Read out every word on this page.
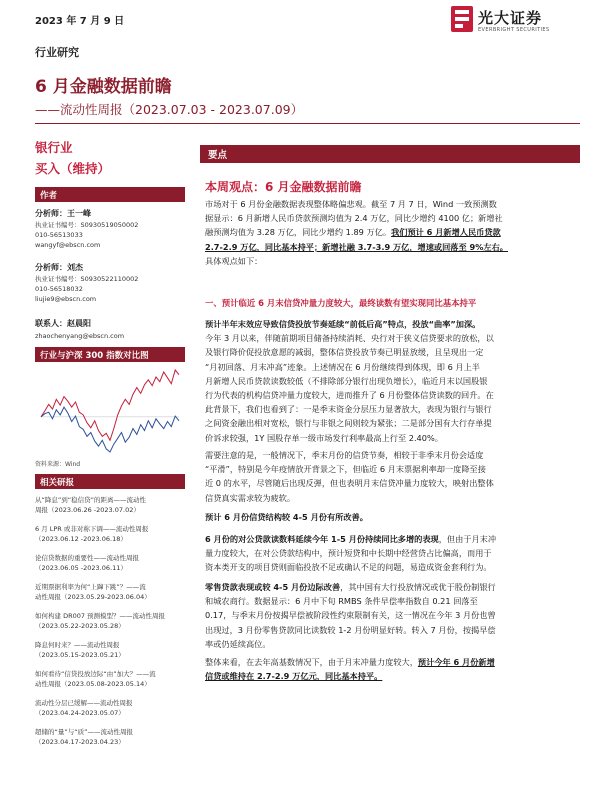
2023 年 7 月 9 日	光大证券
EVERBRIGHT SECURITIES
行业研究
6 月金融数据前瞻
——流动性周报（2023.07.03 - 2023.07.09）
银行业
买入（维持）
作者
分析师：王一峰
执业证书编号：S0930519050002
010-56513033
wangyf@ebscn.com
分析师：刘杰
执业证书编号：S0930522110002
010-56518032
liujie9@ebscn.com
联系人：赵晨阳
zhaochenyang@ebscn.com
行业与沪深 300 指数对比图
资料来源：Wind
相关研报
从“降息”到“稳信贷”的距离——流动性
周报（2023.06.26 -2023.07.02）
6 月 LPR 或非对称下调——流动性周报
（2023.06.12 -2023.06.18）
论信贷数据的重要性——流动性周报
（2023.06.05 -2023.06.11）
近期票据利率为何“上蹿下跳”？——流
动性周报（2023.05.29-2023.06.04）
如何构建 DR007 预测模型？——流动性周报
（2023.05.22-2023.05.28）
降息何时来？——流动性周报
（2023.05.15-2023.05.21）
如何看待“信贷投放边际“由”加大？——流
动性周报（2023.05.08-2023.05.14）
流动性分层已缓解——流动性周报
（2023.04.24-2023.05.07）
超储的“量”与“质”——流动性周报
（2023.04.17-2023.04.23）
要点
本周观点：6 月金融数据前瞻
市场对于 6 月份金融数据表现整体略偏悲观。截至 7 月 7 日，Wind 一致预测数
据显示：6 月新增人民币贷款预测均值为 2.4 万亿，同比少增约 4100 亿；新增社
融预测均值为 3.28 万亿，同比少增约 1.89 万亿。我们预计 6 月新增人民币贷款
2.7-2.9 万亿，同比基本持平；新增社融 3.7-3.9 万亿，增速或回落至 9%左右。
具体观点如下：
一、预计临近 6 月末信贷冲量力度较大，最终读数有望实现同比基本持平
预计半年末效应导致信贷投放节奏延续“前低后高”特点，投放“曲率”加深。
今年 3 月以来，伴随前期项目储备持续消耗、央行对于狭义信贷要求的放松，以
及银行降价促投放意愿的减弱，整体信贷投放节奏已明显放缓，且呈现出一定
“月初回落、月末冲高”迹象。上述情况在 6 月份继续得到体现，即 6 月上半
月新增人民币贷款读数较低（不排除部分银行出现负增长），临近月末以国股银
行为代表的机构信贷冲量力度较大，进而推升了 6 月份整体信贷读数的回升。在
此背景下，我们也看到了：一是季末资金分层压力显著放大，表现为银行与银行
之间资金融出相对宽松，银行与非银之间则较为紧张；二是部分国有大行存单提
价诉求较强，1Y 国股存单一级市场发行利率最高上行至 2.40%。
需要注意的是，一般情况下，季末月份的信贷节奏，相较于非季末月份会适度
“平滑”，特别是今年疫情放开背景之下，但临近 6 月末票据利率却一度降至接
近 0 的水平，尽管随后出现反弹，但也表明月末信贷冲量力度较大，映射出整体
信贷真实需求较为疲软。
预计 6 月份信贷结构较 4-5 月份有所改善。
6 月份的对公贷款读数料延续今年 1-5 月份持续同比多增的表现，但由于月末冲
量力度较大，在对公贷款结构中，预计短贷和中长期中经营贷占比偏高，而用于
资本类开支的项目贷则面临投放不足或确认不足的问题，易造成资金套利行为。
零售贷款表现或较 4-5 月份边际改善，其中国有大行投放情况或优于股份制银行
和城农商行。数据显示：6 月中下旬 RMBS 条件早偿率指数自 0.21 回落至
0.17，与季末月份按揭早偿被阶段性约束限制有关，这一情况在今年 3 月份也曾
出现过，3 月份零售贷款同比读数较 1-2 月份明显好转。转入 7 月份，按揭早偿
率或仍延续高位。
整体来看，在去年高基数情况下，由于月末冲量力度较大，预计今年 6 月份新增
信贷或维持在 2.7-2.9 万亿元，同比基本持平。
